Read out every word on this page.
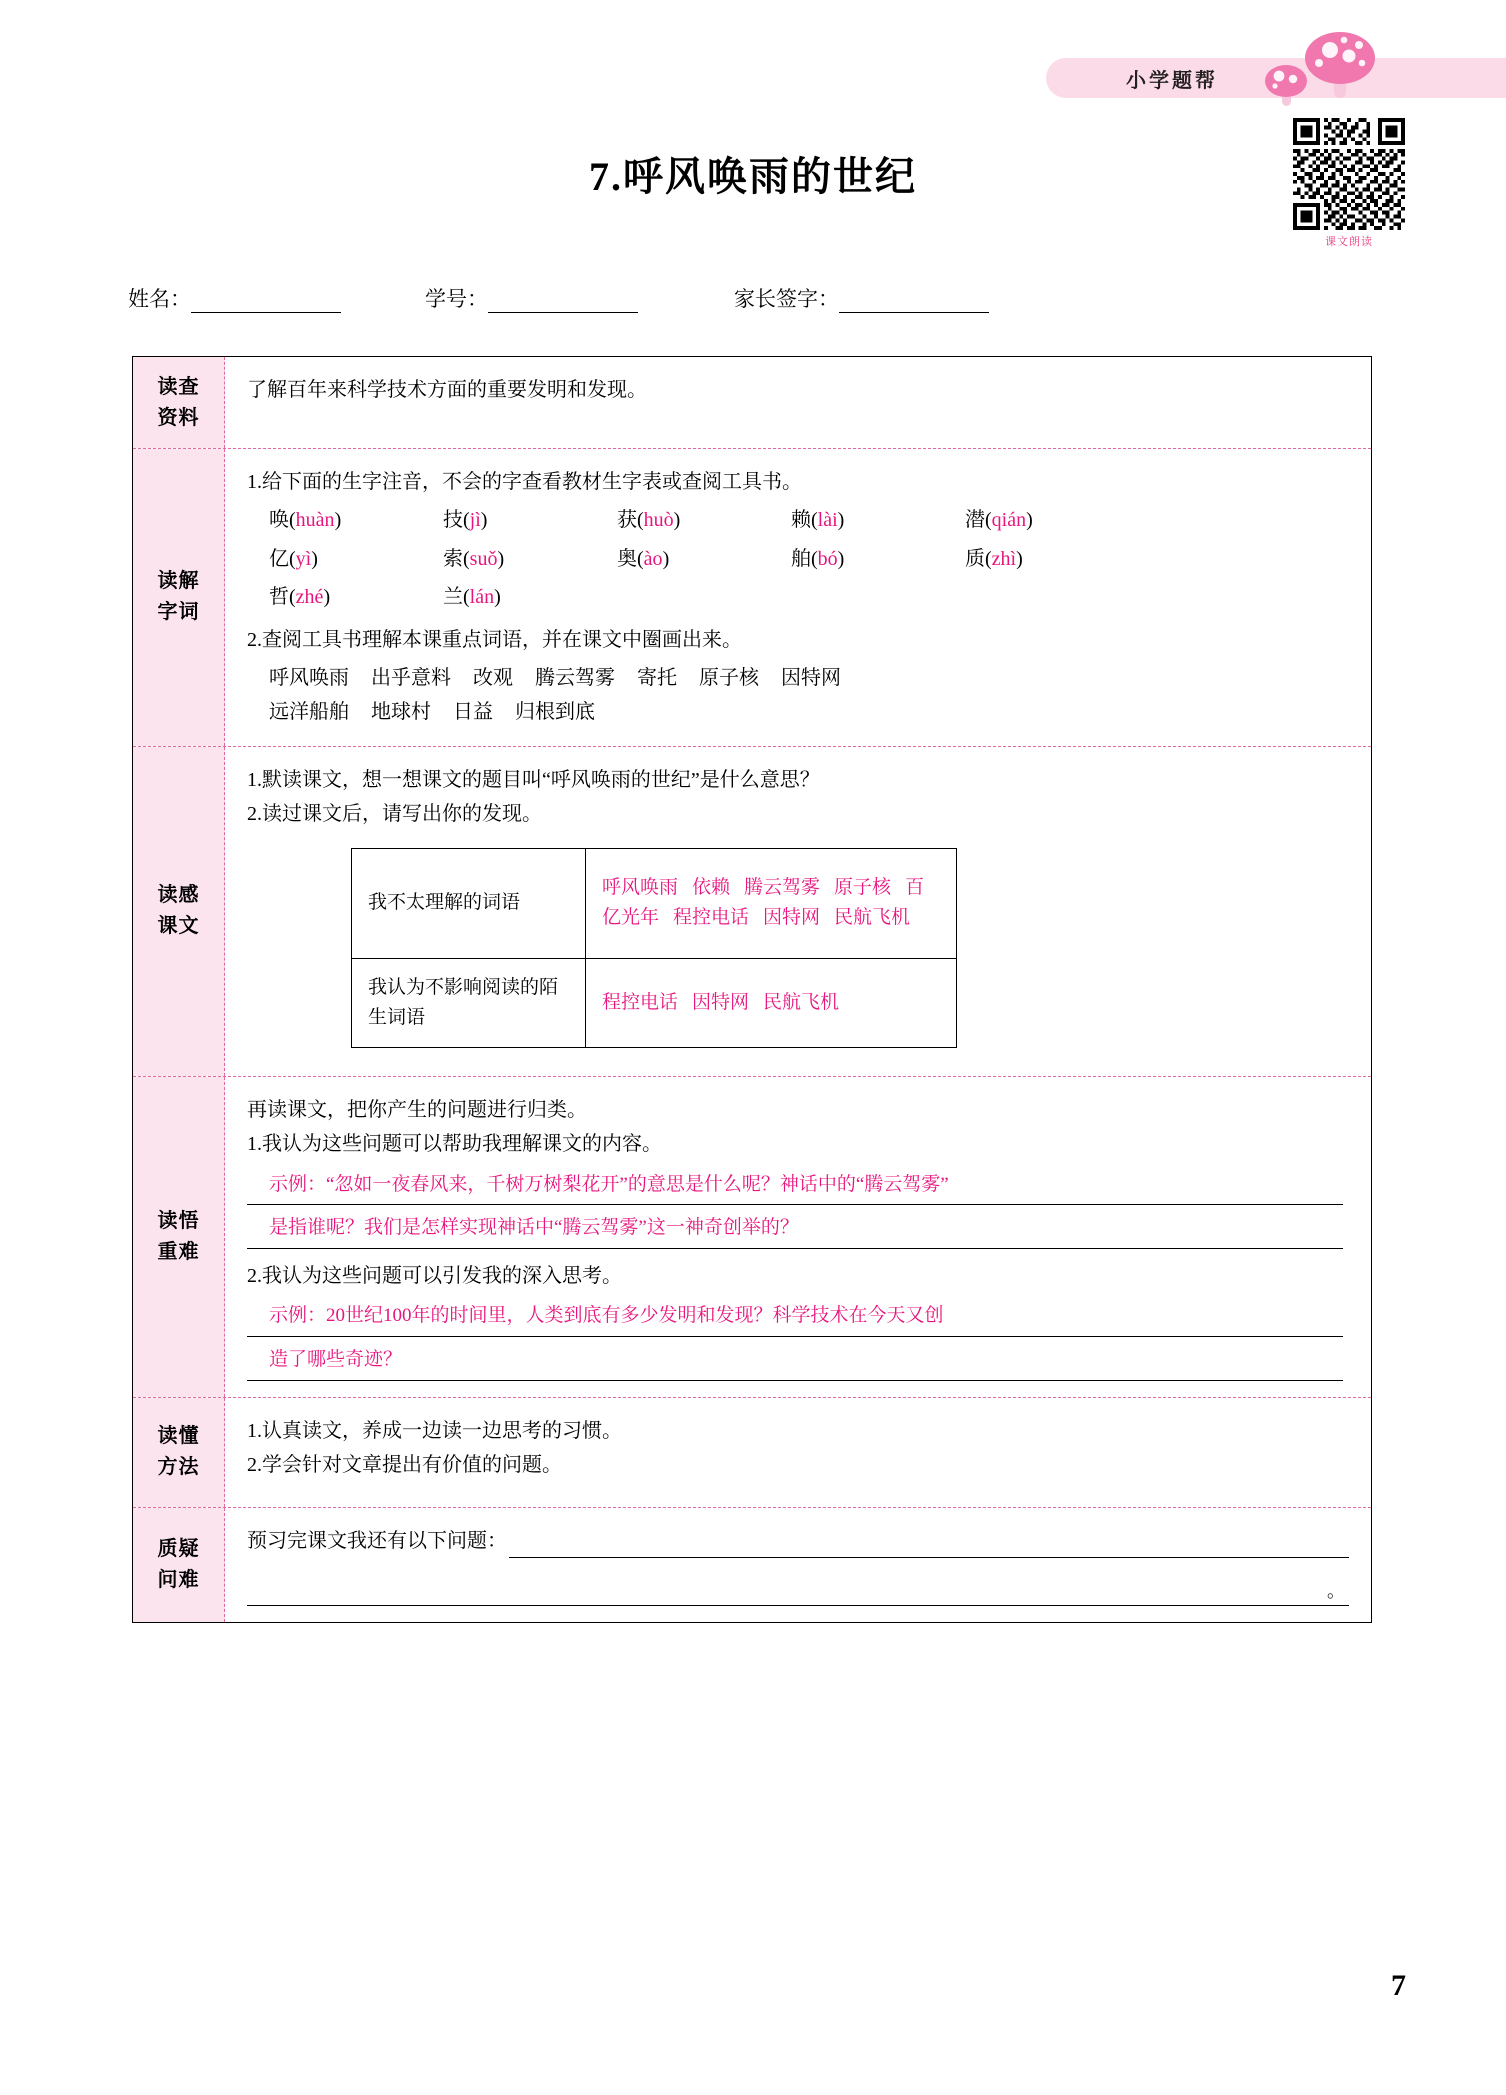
小学题帮
课文朗读
7.呼风唤雨的世纪
姓名：	学号：	家长签字：
读查
资料
了解百年来科学技术方面的重要发明和发现。
读解
字词
1.给下面的生字注音，不会的字查看教材生字表或查阅工具书。
唤(huàn)	技(jì)	获(huò)	赖(lài)	潜(qián)
亿(yì)	索(suǒ)	奥(ào)	舶(bó)	质(zhì)
哲(zhé)	兰(lán)
2.查阅工具书理解本课重点词语，并在课文中圈画出来。
呼风唤雨 出乎意料 改观 腾云驾雾 寄托 原子核 因特网
远洋船舶 地球村 日益 归根到底
读感
课文
1.默读课文，想一想课文的题目叫“呼风唤雨的世纪”是什么意思？
2.读过课文后，请写出你的发现。
我不太理解的词语	呼风唤雨 依赖 腾云驾雾 原子核 百
亿光年 程控电话 因特网 民航飞机

我认为不影响阅读的陌生词语	程控电话 因特网 民航飞机
读悟
重难
再读课文，把你产生的问题进行归类。
1.我认为这些问题可以帮助我理解课文的内容。
示例：“忽如一夜春风来，千树万树梨花开”的意思是什么呢？神话中的“腾云驾雾”
是指谁呢？我们是怎样实现神话中“腾云驾雾”这一神奇创举的？
2.我认为这些问题可以引发我的深入思考。
示例：20世纪100年的时间里，人类到底有多少发明和发现？科学技术在今天又创
造了哪些奇迹？
读懂
方法
1.认真读文，养成一边读一边思考的习惯。
2.学会针对文章提出有价值的问题。
质疑
问难
预习完课文我还有以下问题：
。
7
